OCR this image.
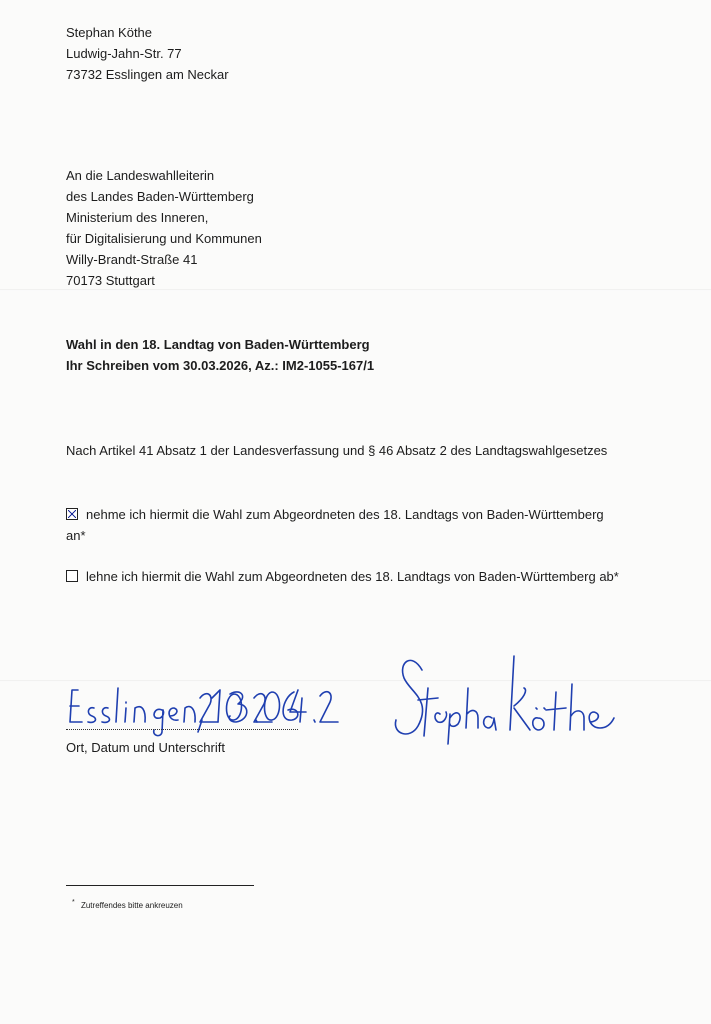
Stephan Köthe
Ludwig-Jahn-Str. 77
73732 Esslingen am Neckar
An die Landeswahlleiterin
des Landes Baden-Württemberg
Ministerium des Inneren,
für Digitalisierung und Kommunen
Willy-Brandt-Straße 41
70173 Stuttgart
Wahl in den 18. Landtag von Baden-Württemberg
Ihr Schreiben vom 30.03.2026, Az.: IM2-1055-167/1
Nach Artikel 41 Absatz 1 der Landesverfassung und § 46 Absatz 2 des Landtagswahlgesetzes
nehme ich hiermit die Wahl zum Abgeordneten des 18. Landtags von Baden-Württemberg
an*
lehne ich hiermit die Wahl zum Abgeordneten des 18. Landtags von Baden-Württemberg ab*
Ort, Datum und Unterschrift
* Zutreffendes bitte ankreuzen
